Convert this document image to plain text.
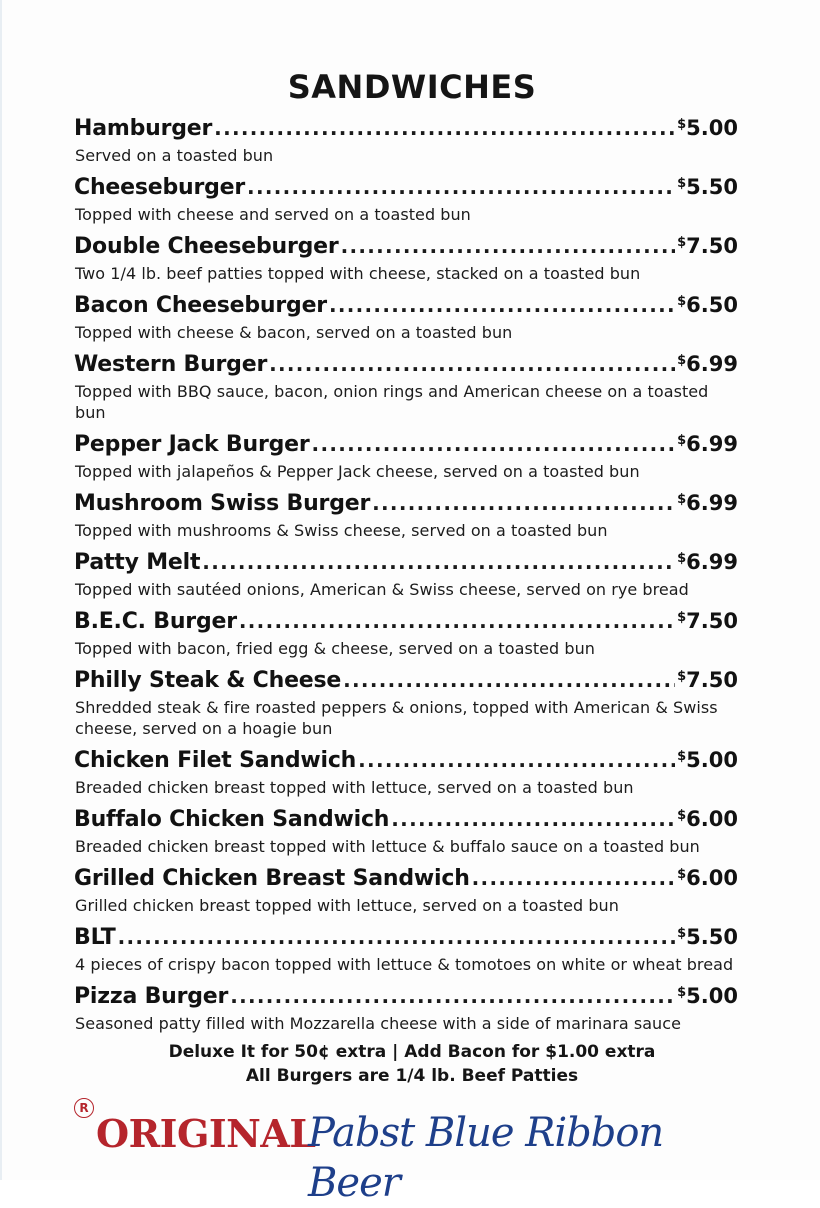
SANDWICHES
Hamburger .....	$5.00
Served on a toasted bun
Cheeseburger .....	$5.50
Topped with cheese and served on a toasted bun
Double Cheeseburger .....	$7.50
Two 1/4 lb. beef patties topped with cheese, stacked on a toasted bun
Bacon Cheeseburger .....	$6.50
Topped with cheese & bacon, served on a toasted bun
Western Burger .....	$6.99
Topped with BBQ sauce, bacon, onion rings and American cheese on a toasted bun
Pepper Jack Burger .....	$6.99
Topped with jalapeños & Pepper Jack cheese, served on a toasted bun
Mushroom Swiss Burger .....	$6.99
Topped with mushrooms & Swiss cheese, served on a toasted bun
Patty Melt .....	$6.99
Topped with sautéed onions, American & Swiss cheese, served on rye bread
B.E.C. Burger .....	$7.50
Topped with bacon, fried egg & cheese, served on a toasted bun
Philly Steak & Cheese .....	$7.50
Shredded steak & fire roasted peppers & onions, topped with American & Swiss cheese, served on a hoagie bun
Chicken Filet Sandwich .....	$5.00
Breaded chicken breast topped with lettuce, served on a toasted bun
Buffalo Chicken Sandwich .....	$6.00
Breaded chicken breast topped with lettuce & buffalo sauce on a toasted bun
Grilled Chicken Breast Sandwich .....	$6.00
Grilled chicken breast topped with lettuce, served on a toasted bun
BLT .....	$5.50
4 pieces of crispy bacon topped with lettuce & tomotoes on white or wheat bread
Pizza Burger .....	$5.00
Seasoned patty filled with Mozzarella cheese with a side of marinara sauce
Deluxe It for 50¢ extra | Add Bacon for $1.00 extra
All Burgers are 1/4 lb. Beef Patties
R
ORIGINAL
Pabst Blue Ribbon Beer
